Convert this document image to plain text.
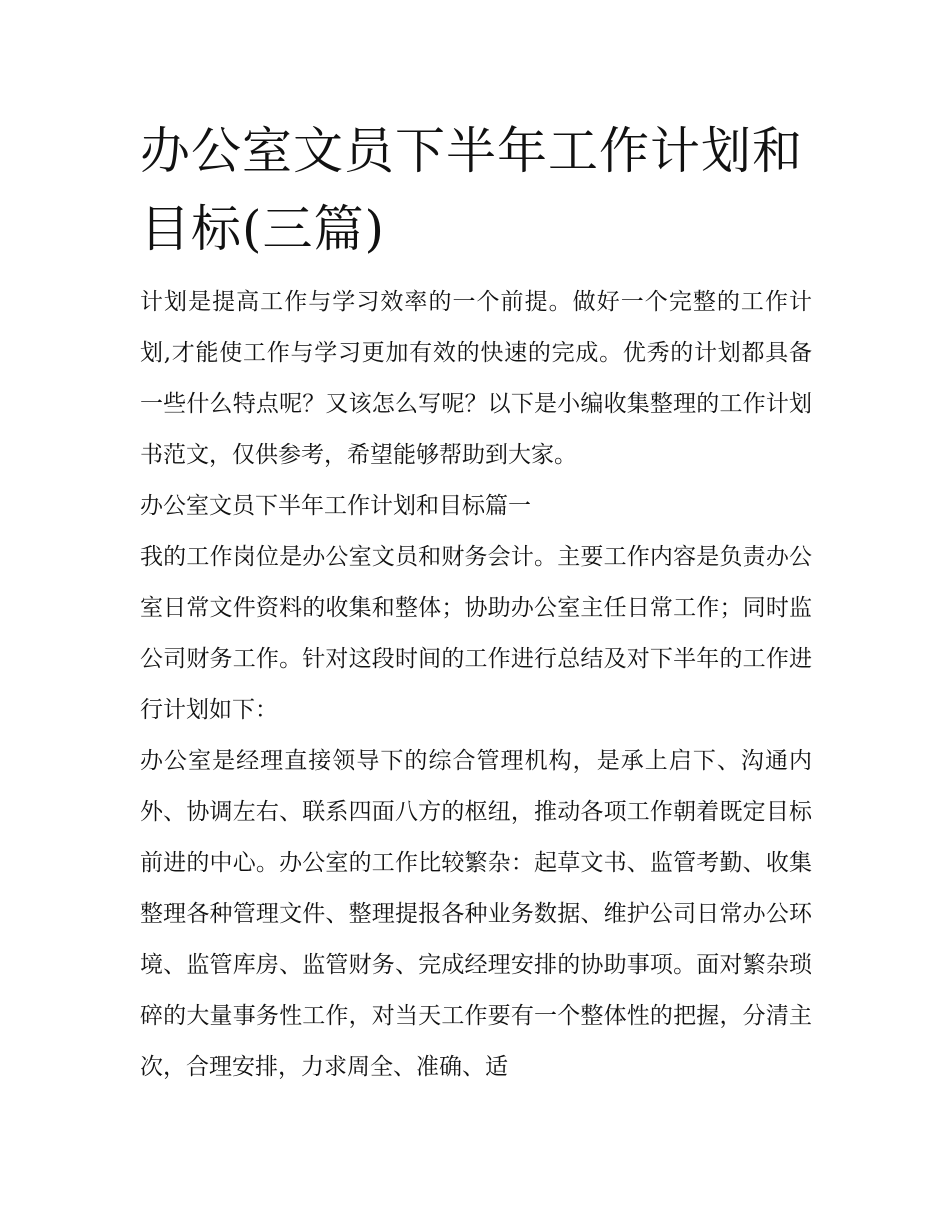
办公室文员下半年工作计划和目标(三篇)

计划是提高工作与学习效率的一个前提。做好一个完整的工作计划,才能使工作与学习更加有效的快速的完成。优秀的计划都具备一些什么特点呢？又该怎么写呢？以下是小编收集整理的工作计划书范文，仅供参考，希望能够帮助到大家。

办公室文员下半年工作计划和目标篇一

我的工作岗位是办公室文员和财务会计。主要工作内容是负责办公室日常文件资料的收集和整体；协助办公室主任日常工作；同时监公司财务工作。针对这段时间的工作进行总结及对下半年的工作进行计划如下：

办公室是经理直接领导下的综合管理机构，是承上启下、沟通内外、协调左右、联系四面八方的枢纽，推动各项工作朝着既定目标前进的中心。办公室的工作比较繁杂：起草文书、监管考勤、收集整理各种管理文件、整理提报各种业务数据、维护公司日常办公环境、监管库房、监管财务、完成经理安排的协助事项。面对繁杂琐碎的大量事务性工作，对当天工作要有一个整体性的把握，分清主次，合理安排，力求周全、准确、适
